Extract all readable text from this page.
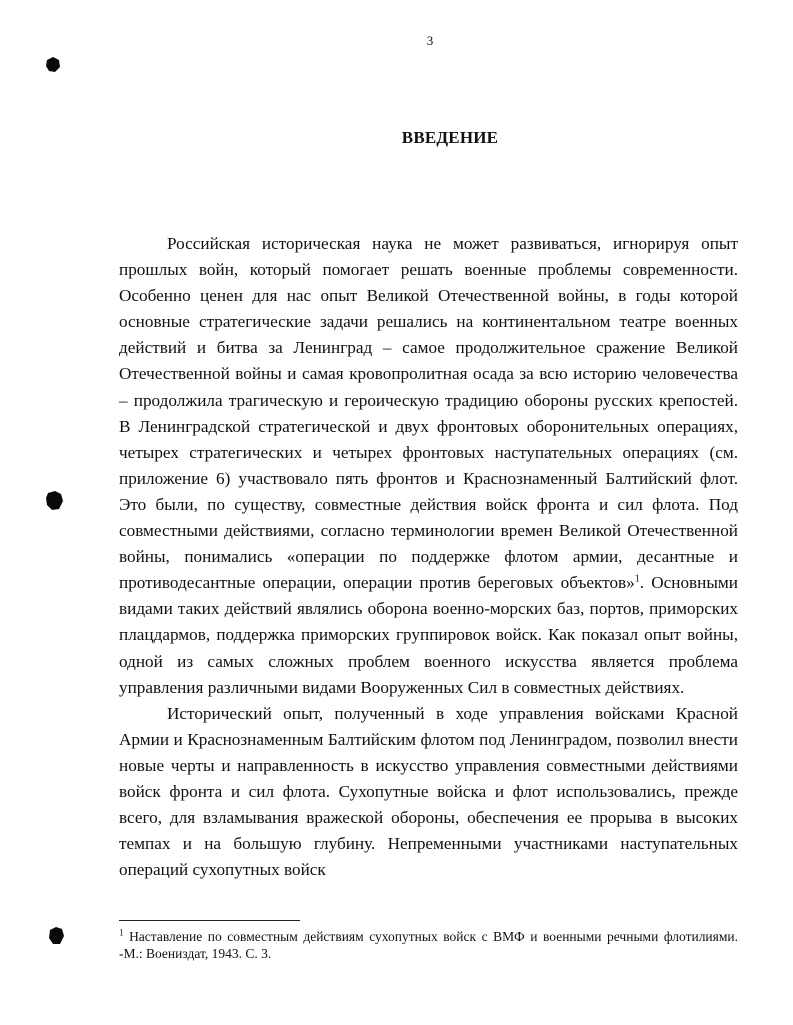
3
ВВЕДЕНИЕ

Российская историческая наука не может развиваться, игнорируя опыт прошлых войн, который помогает решать военные проблемы современности. Особенно ценен для нас опыт Великой Отечественной войны, в годы которой основные стратегические задачи решались на континентальном театре военных действий и битва за Ленинград – самое продолжительное сражение Великой Отечественной войны и самая кровопролитная осада за всю историю человечества – продолжила трагическую и героическую традицию обороны русских крепостей. В Ленинградской стратегической и двух фронтовых оборонительных операциях, четырех стратегических и четырех фронтовых наступательных операциях (см. приложение 6) участвовало пять фронтов и Краснознаменный Балтийский флот. Это были, по существу, совместные действия войск фронта и сил флота. Под совместными действиями, согласно терминологии времен Великой Отечественной войны, понимались «операции по поддержке флотом армии, десантные и противодесантные операции, операции против береговых объектов»$^1$. Основными видами таких действий являлись оборона военно-морских баз, портов, приморских плацдармов, поддержка приморских группировок войск. Как показал опыт войны, одной из самых сложных проблем военного искусства является проблема управления различными видами Вооруженных Сил в совместных действиях.

Исторический опыт, полученный в ходе управления войсками Красной Армии и Краснознаменным Балтийским флотом под Ленинградом, позволил внести новые черты и направленность в искусство управления совместными действиями войск фронта и сил флота. Сухопутные войска и флот использовались, прежде всего, для взламывания вражеской обороны, обеспечения ее прорыва в высоких темпах и на большую глубину. Непременными участниками наступательных операций сухопутных войск

$^1$ Наставление по совместным действиям сухопутных войск с ВМФ и военными речными флотилиями. -М.: Воениздат, 1943. С. 3.
